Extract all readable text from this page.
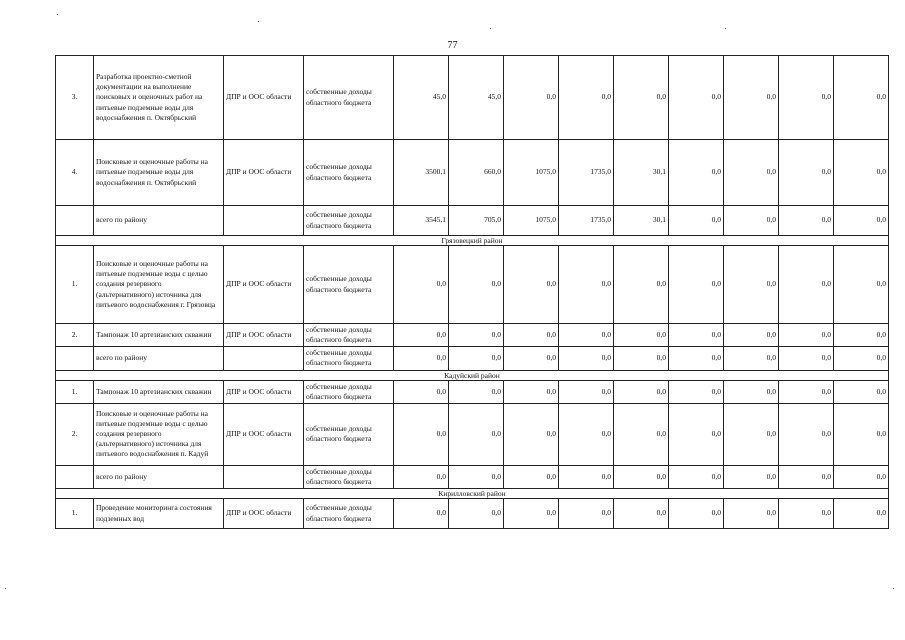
77
3.	Разработка проектно-сметной документации на выполнение поисковых и оценочных работ на питьевые подземные воды для водоснабжения п. Октябрьский	ДПР и ООС области	собственные доходы областного бюджета	45,0	45,0	0,0	0,0	0,0	0,0	0,0	0,0	0,0
4.	Поисковые и оценочные работы на питьевые подземные воды для водоснабжения п. Октябрьский	ДПР и ООС области	собственные доходы областного бюджета	3500,1	660,0	1075,0	1735,0	30,1	0,0	0,0	0,0	0,0
	всего по району		собственные доходы областного бюджета	3545,1	705,0	1075,0	1735,0	30,1	0,0	0,0	0,0	0,0
Грязовецкий район												
1.	Поисковые и оценочные работы на питьевые подземные воды с целью создания резервного (альтернативного) источника для питьевого водоснабжения г. Грязовца	ДПР и ООС области	собственные доходы областного бюджета	0,0	0,0	0,0	0,0	0,0	0,0	0,0	0,0	0,0
2.	Тампонаж 10 артезианских скважин	ДПР и ООС области	собственные доходы областного бюджета	0,0	0,0	0,0	0,0	0,0	0,0	0,0	0,0	0,0
	всего по району		собственные доходы областного бюджета	0,0	0,0	0,0	0,0	0,0	0,0	0,0	0,0	0,0
Кадуйский район												
1.	Тампонаж 10 артезианских скважин	ДПР и ООС области	собственные доходы областного бюджета	0,0	0,0	0,0	0,0	0,0	0,0	0,0	0,0	0,0
2.	Поисковые и оценочные работы на питьевые подземные воды с целью создания резервного (альтернативного) источника для питьевого водоснабжения п. Кадуй	ДПР и ООС области	собственные доходы областного бюджета	0,0	0,0	0,0	0,0	0,0	0,0	0,0	0,0	0,0
	всего по району		собственные доходы областного бюджета	0,0	0,0	0,0	0,0	0,0	0,0	0,0	0,0	0,0
Кирилловский район												
1.	Проведение мониторинга состояния подземных вод	ДПР и ООС области	собственные доходы областного бюджета	0,0	0,0	0,0	0,0	0,0	0,0	0,0	0,0	0,0
